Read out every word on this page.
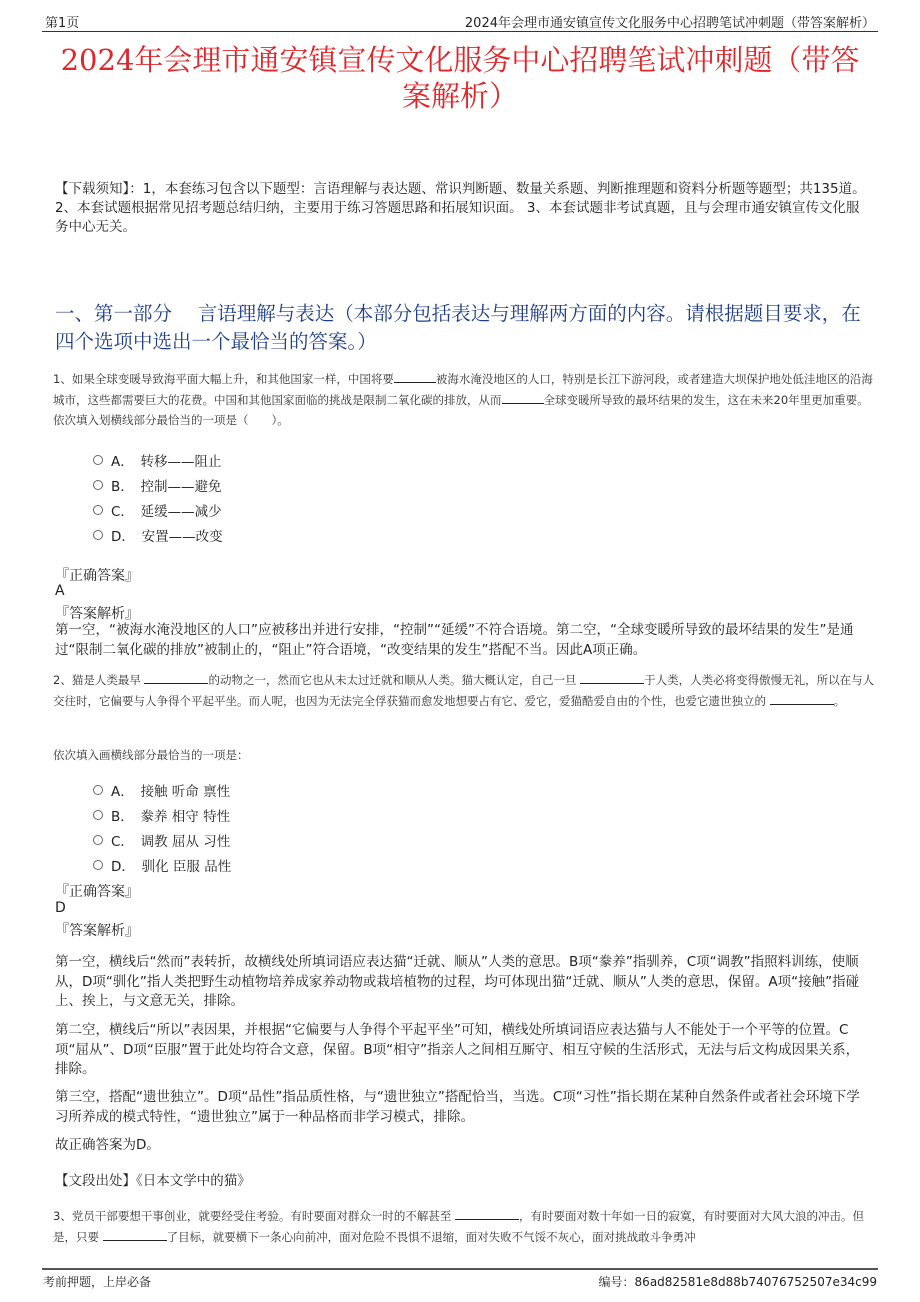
第1页	2024年会理市通安镇宣传文化服务中心招聘笔试冲刺题（带答案解析）
2024年会理市通安镇宣传文化服务中心招聘笔试冲刺题（带答案解析）
【下载须知】：1，本套练习包含以下题型：言语理解与表达题、常识判断题、数量关系题、判断推理题和资料分析题等题型；共135道。 2、本套试题根据常见招考题总结归纳，主要用于练习答题思路和拓展知识面。 3、本套试题非考试真题，且与会理市通安镇宣传文化服务中心无关。
一、第一部分　 言语理解与表达（本部分包括表达与理解两方面的内容。请根据题目要求，在四个选项中选出一个最恰当的答案。）
1、如果全球变暖导致海平面大幅上升，和其他国家一样，中国将要	被海水淹没地区的人口，特别是长江下游河段，或者建造大坝保护地处低洼地区的沿海城市，这些都需要巨大的花费。中国和其他国家面临的挑战是限制二氧化碳的排放，从而	全球变暖所导致的最坏结果的发生，这在未来20年里更加重要。
依次填入划横线部分最恰当的一项是（　　）。
A．　转移——阻止
B．　控制——避免
C．　延缓——减少
D．　安置——改变
『正确答案』
A
『答案解析』
第一空，“被海水淹没地区的人口”应被移出并进行安排，“控制”“延缓”不符合语境。第二空，“全球变暖所导致的最坏结果的发生”是通过“限制二氧化碳的排放”被制止的，“阻止”符合语境，“改变结果的发生”搭配不当。因此A项正确。
2、猫是人类最早	的动物之一，然而它也从未太过迁就和顺从人类。猫大概认定，自己一旦	于人类，人类必将变得傲慢无礼，所以在与人交往时，它偏要与人争得个平起平坐。而人呢，也因为无法完全俘获猫而愈发地想要占有它、爱它，爱猫酷爱自由的个性，也爱它遗世独立的	。
依次填入画横线部分最恰当的一项是：
A．　接触 听命 禀性
B．　豢养 相守 特性
C．　调教 屈从 习性
D．　驯化 臣服 品性
『正确答案』
D
『答案解析』
第一空，横线后“然而”表转折，故横线处所填词语应表达猫“迁就、顺从”人类的意思。B项“豢养”指驯养，C项“调教”指照料训练，使顺从，D项“驯化”指人类把野生动植物培养成家养动物或栽培植物的过程，均可体现出猫“迁就、顺从”人类的意思，保留。A项“接触”指碰上、挨上，与文意无关，排除。
第二空，横线后“所以”表因果，并根据“它偏要与人争得个平起平坐”可知，横线处所填词语应表达猫与人不能处于一个平等的位置。C项“屈从”、D项“臣服”置于此处均符合文意，保留。B项“相守”指亲人之间相互厮守、相互守候的生活形式，无法与后文构成因果关系，排除。
第三空，搭配“遗世独立”。D项“品性”指品质性格，与“遗世独立”搭配恰当，当选。C项“习性”指长期在某种自然条件或者社会环境下学习所养成的模式特性，“遗世独立”属于一种品格而非学习模式，排除。
故正确答案为D。
【文段出处】《日本文学中的猫》
3、党员干部要想干事创业，就要经受住考验。有时要面对群众一时的不解甚至	，有时要面对数十年如一日的寂寞，有时要面对大风大浪的冲击。但是，只要	了目标，就要横下一条心向前冲，面对危险不畏惧不退缩，面对失败不气馁不灰心，面对挑战敢斗争勇冲
考前押题，上岸必备	编号：86ad82581e8d88b74076752507e34c99
